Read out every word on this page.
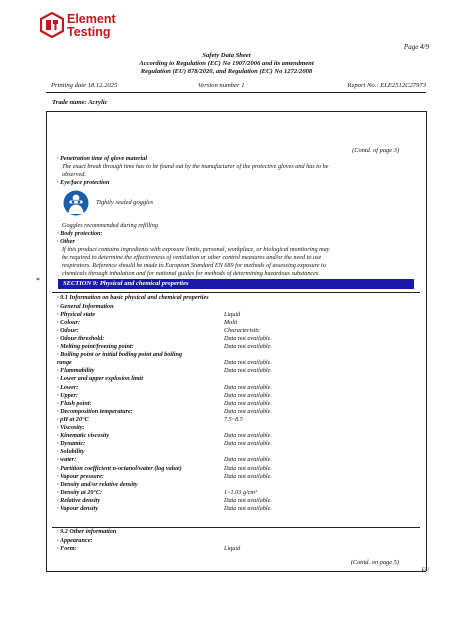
Element
Testing
Page 4/9
Safety Data Sheet
According to Regulation (EC) No 1907/2006 and its amendment
Regulation (EU) 878/2020, and Regulation (EC) No 1272/2008
Printing date 18.12.2025	Version number 1	Report No.: ELE2512C27973
Trade name: Acrylic
(Contd. of page 3)
· Penetration time of glove material
The exact break through time has to be found out by the manufacturer of the protective gloves and has to be
observed.
· Eye/face protection
Tightly sealed goggles
Goggles recommended during refilling
· Body protection:
· Other
If this product contains ingredients with exposure limits, personal, workplace, or biological monitoring may
be required to determine the effectiveness of ventilation or other control measures and/or the need to use
respirators. Reference should be made to European Standard EN 689 for methods of assessing exposure to
chemicals through inhalation and for national guides for methods of determining hazardous substances.
*	SECTION 9: Physical and chemical properties
· 9.1 Information on basic physical and chemical properties
· General Information
· Physical state	Liquid
· Colour:	Multi
· Odour:	Characteristic
· Odour threshold:	Data not available.
· Melting point/freezing point:	Data not available.
· Boiling point or initial boiling point and boiling
range	Data not available.
· Flammability	Data not available.
· Lower and upper explosion limit
· Lower:	Data not available.
· Upper:	Data not available.
· Flash point:	Data not available.
· Decomposition temperature:	Data not available.
· pH at 20°C	7.5~8.5
· Viscosity:
· Kinematic viscosity	Data not available.
· Dynamic:	Data not available.
· Solubility
· water:	Data not available.
· Partition coefficient n-octanol/water (log value)	Data not available.
· Vapour pressure:	Data not available.
· Density and/or relative density
· Density at 20°C:	1~1.03 g/cm³
· Relative density	Data not available.
· Vapour density	Data not available.
· 9.2 Other information
· Appearance:
· Form:	Liquid
(Contd. on page 5)
EU
